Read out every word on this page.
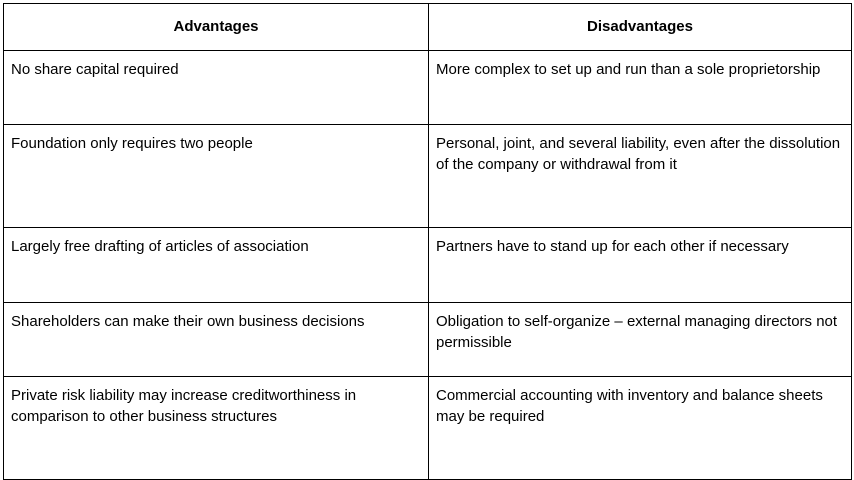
Advantages	Disadvantages
No share capital required	More complex to set up and run than a sole proprietorship
Foundation only requires two people	Personal, joint, and several liability, even after the dissolution of the company or withdrawal from it
Largely free drafting of articles of association	Partners have to stand up for each other if necessary
Shareholders can make their own business decisions	Obligation to self-organize – external managing directors not permissible
Private risk liability may increase creditworthiness in comparison to other business structures	Commercial accounting with inventory and balance sheets may be required
